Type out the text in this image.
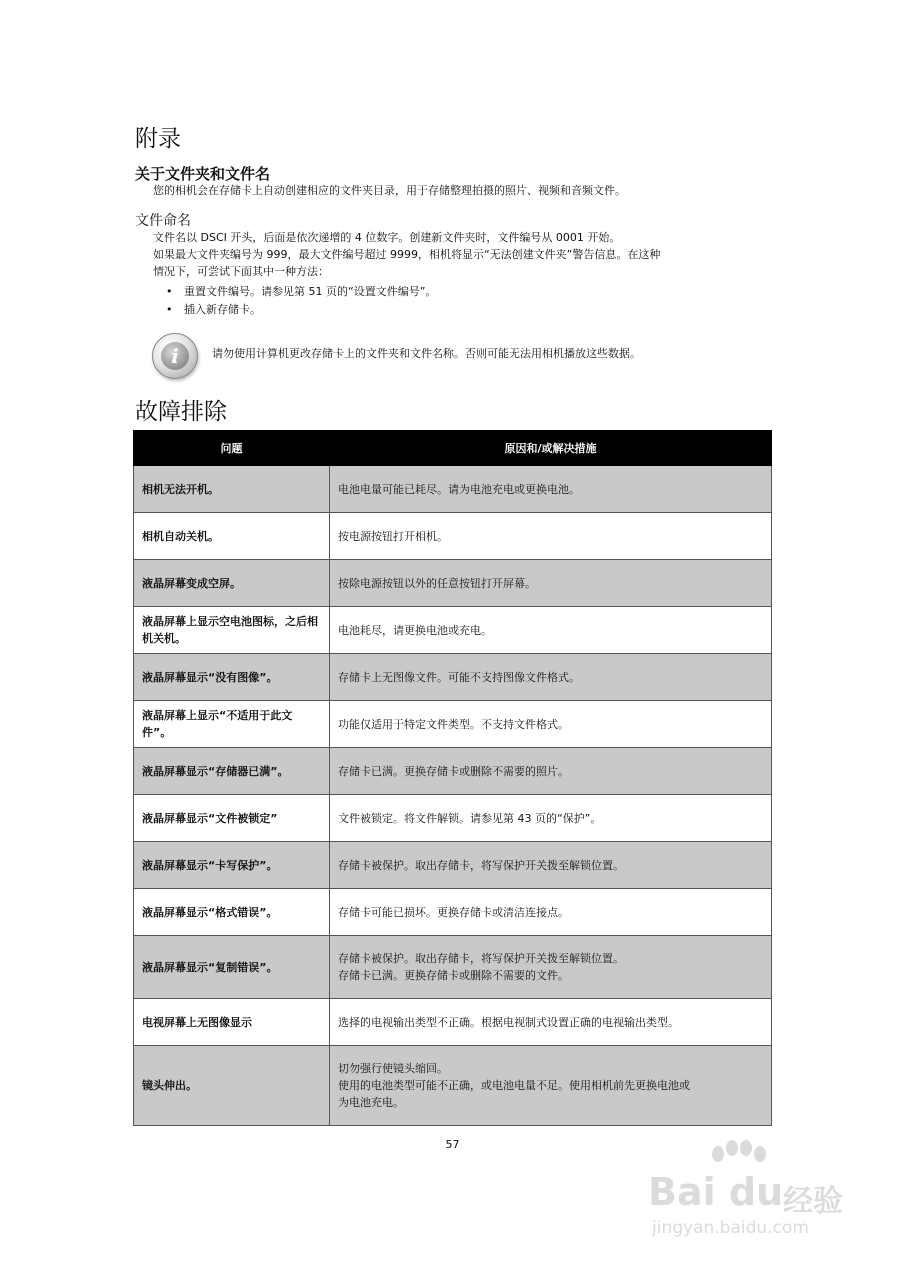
附录
关于文件夹和文件名
您的相机会在存储卡上自动创建相应的文件夹目录，用于存储整理拍摄的照片、视频和音频文件。
文件命名
文件名以 DSCI 开头，后面是依次递增的 4 位数字。创建新文件夹时，文件编号从 0001 开始。
如果最大文件夹编号为 999，最大文件编号超过 9999，相机将显示“无法创建文件夹”警告信息。在这种
情况下，可尝试下面其中一种方法：
• 重置文件编号。请参见第 51 页的“设置文件编号”。
• 插入新存储卡。
i	请勿使用计算机更改存储卡上的文件夹和文件名称。否则可能无法用相机播放这些数据。
故障排除
问题	原因和/或解决措施
相机无法开机。	电池电量可能已耗尽。请为电池充电或更换电池。
相机自动关机。	按电源按钮打开相机。
液晶屏幕变成空屏。	按除电源按钮以外的任意按钮打开屏幕。
液晶屏幕上显示空电池图标，之后相机关机。	电池耗尽，请更换电池或充电。
液晶屏幕显示“没有图像”。	存储卡上无图像文件。可能不支持图像文件格式。
液晶屏幕上显示“不适用于此文件”。	功能仅适用于特定文件类型。不支持文件格式。
液晶屏幕显示“存储器已满”。	存储卡已满。更换存储卡或删除不需要的照片。
液晶屏幕显示“文件被锁定”	文件被锁定。将文件解锁。请参见第 43 页的“保护”。
液晶屏幕显示“卡写保护”。	存储卡被保护。取出存储卡，将写保护开关拨至解锁位置。
液晶屏幕显示“格式错误”。	存储卡可能已损坏。更换存储卡或清洁连接点。
液晶屏幕显示“复制错误”。	存储卡被保护。取出存储卡，将写保护开关拨至解锁位置。
存储卡已满。更换存储卡或删除不需要的文件。
电视屏幕上无图像显示	选择的电视输出类型不正确。根据电视制式设置正确的电视输出类型。
镜头伸出。	切勿强行使镜头缩回。
使用的电池类型可能不正确，或电池电量不足。使用相机前先更换电池或
为电池充电。
57
Bai du 经验
jingyan.baidu.com
